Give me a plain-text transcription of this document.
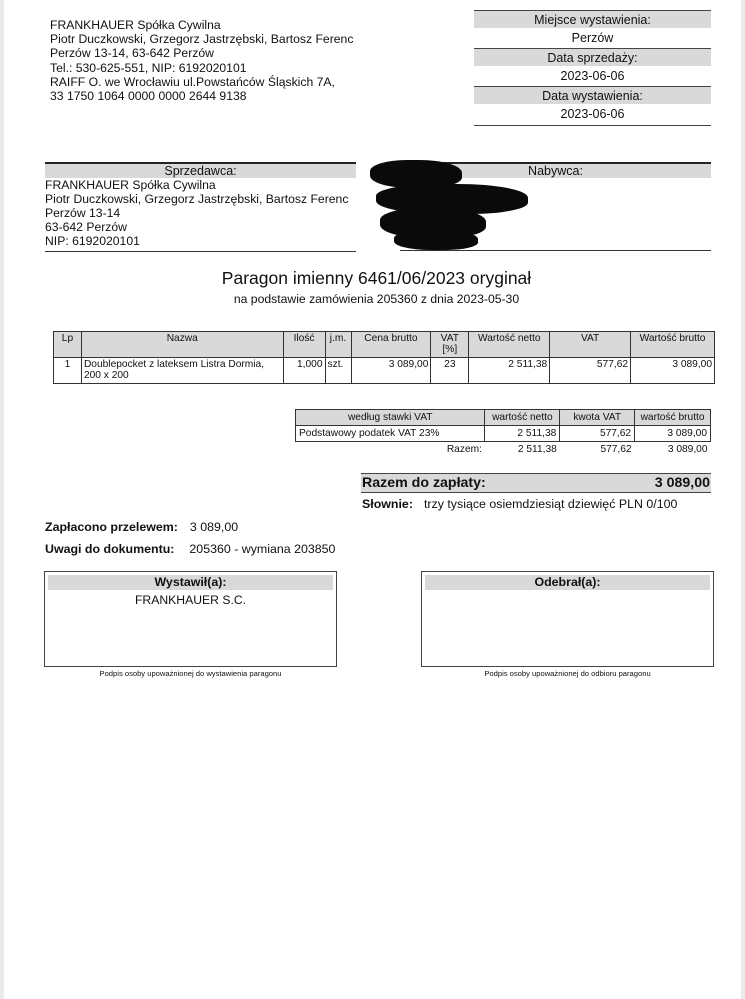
FRANKHAUER Spółka Cywilna
Piotr Duczkowski, Grzegorz Jastrzębski, Bartosz Ferenc
Perzów 13-14, 63-642 Perzów
Tel.: 530-625-551, NIP: 6192020101
RAIFF O. we Wrocławiu ul.Powstańców Śląskich 7A,
33 1750 1064 0000 0000 2644 9138
Miejsce wystawienia:
Perzów
Data sprzedaży:
2023-06-06
Data wystawienia:
2023-06-06
Sprzedawca:
FRANKHAUER Spółka Cywilna
Piotr Duczkowski, Grzegorz Jastrzębski, Bartosz Ferenc
Perzów 13-14
63-642 Perzów
NIP: 6192020101
Nabywca:
Paragon imienny 6461/06/2023 oryginał
na podstawie zamówienia 205360 z dnia 2023-05-30
Lp	Nazwa	Ilość	j.m.	Cena brutto	VAT [%]	Wartość netto	VAT	Wartość brutto
1	Doublepocket z lateksem Listra Dormia, 200 x 200	1,000	szt.	3 089,00	23	2 511,38	577,62	3 089,00
według stawki VAT	wartość netto	kwota VAT	wartość brutto
Podstawowy podatek VAT 23%	2 511,38	577,62	3 089,00
Razem:	2 511,38	577,62	3 089,00
Razem do zapłaty:	3 089,00
Słownie: trzy tysiące osiemdziesiąt dziewięć PLN 0/100
Zapłacono przelewem: 3 089,00
Uwagi do dokumentu: 205360 - wymiana 203850
Wystawił(a):
FRANKHAUER S.C.
Podpis osoby upoważnionej do wystawienia paragonu
Odebrał(a):
Podpis osoby upoważnionej do odbioru paragonu
